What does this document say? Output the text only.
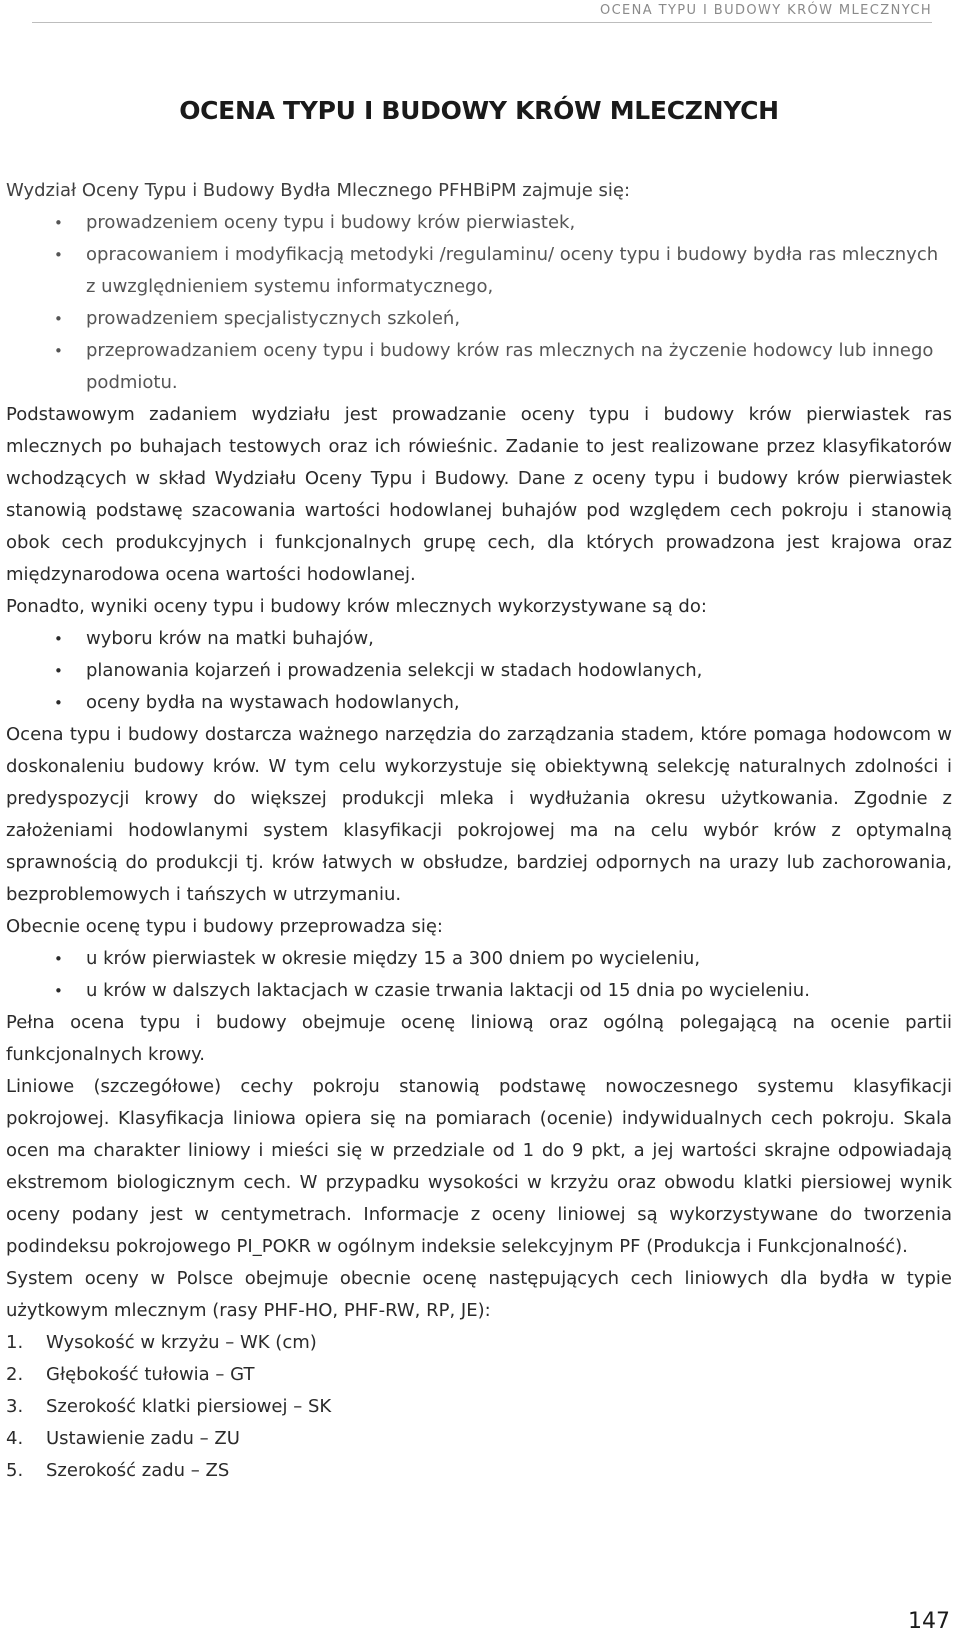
OCENA TYPU I BUDOWY KRÓW MLECZNYCH
OCENA TYPU I BUDOWY KRÓW MLECZNYCH

Wydział Oceny Typu i Budowy Bydła Mlecznego PFHBiPM zajmuje się:

• prowadzeniem oceny typu i budowy krów pierwiastek,
• opracowaniem i modyfikacją metodyki /regulaminu/ oceny typu i budowy bydła ras mlecznych z uwzględnieniem systemu informatycznego,
• prowadzeniem specjalistycznych szkoleń,
• przeprowadzaniem oceny typu i budowy krów ras mlecznych na życzenie hodowcy lub innego podmiotu.

Podstawowym zadaniem wydziału jest prowadzanie oceny typu i budowy krów pierwiastek ras mlecznych po buhajach testowych oraz ich rówieśnic. Zadanie to jest realizowane przez klasyfikatorów wchodzących w skład Wydziału Oceny Typu i Budowy. Dane z oceny typu i budowy krów pierwiastek stanowią podstawę szacowania wartości hodowlanej buhajów pod względem cech pokroju i stanowią obok cech produkcyjnych i funkcjonalnych grupę cech, dla których prowadzona jest krajowa oraz międzynarodowa ocena wartości hodowlanej.

Ponadto, wyniki oceny typu i budowy krów mlecznych wykorzystywane są do:

• wyboru krów na matki buhajów,
• planowania kojarzeń i prowadzenia selekcji w stadach hodowlanych,
• oceny bydła na wystawach hodowlanych,

Ocena typu i budowy dostarcza ważnego narzędzia do zarządzania stadem, które pomaga hodowcom w doskonaleniu budowy krów. W tym celu wykorzystuje się obiektywną selekcję naturalnych zdolności i predyspozycji krowy do większej produkcji mleka i wydłużania okresu użytkowania. Zgodnie z założeniami hodowlanymi system klasyfikacji pokrojowej ma na celu wybór krów z optymalną sprawnością do produkcji tj. krów łatwych w obsłudze, bardziej odpornych na urazy lub zachorowania, bezproblemowych i tańszych w utrzymaniu.

Obecnie ocenę typu i budowy przeprowadza się:

• u krów pierwiastek w okresie między 15 a 300 dniem po wycieleniu,
• u krów w dalszych laktacjach w czasie trwania laktacji od 15 dnia po wycieleniu.

Pełna ocena typu i budowy obejmuje ocenę liniową oraz ogólną polegającą na ocenie partii funkcjonalnych krowy.

Liniowe (szczegółowe) cechy pokroju stanowią podstawę nowoczesnego systemu klasyfikacji pokrojowej. Klasyfikacja liniowa opiera się na pomiarach (ocenie) indywidualnych cech pokroju. Skala ocen ma charakter liniowy i mieści się w przedziale od 1 do 9 pkt, a jej wartości skrajne odpowiadają ekstremom biologicznym cech. W przypadku wysokości w krzyżu oraz obwodu klatki piersiowej wynik oceny podany jest w centymetrach. Informacje z oceny liniowej są wykorzystywane do tworzenia podindeksu pokrojowego PI_POKR w ogólnym indeksie selekcyjnym PF (Produkcja i Funkcjonalność).

System oceny w Polsce obejmuje obecnie ocenę następujących cech liniowych dla bydła w typie użytkowym mlecznym (rasy PHF-HO, PHF-RW, RP, JE):

1. Wysokość w krzyżu – WK (cm)
2. Głębokość tułowia – GT
3. Szerokość klatki piersiowej – SK
4. Ustawienie zadu – ZU
5. Szerokość zadu – ZS
147
